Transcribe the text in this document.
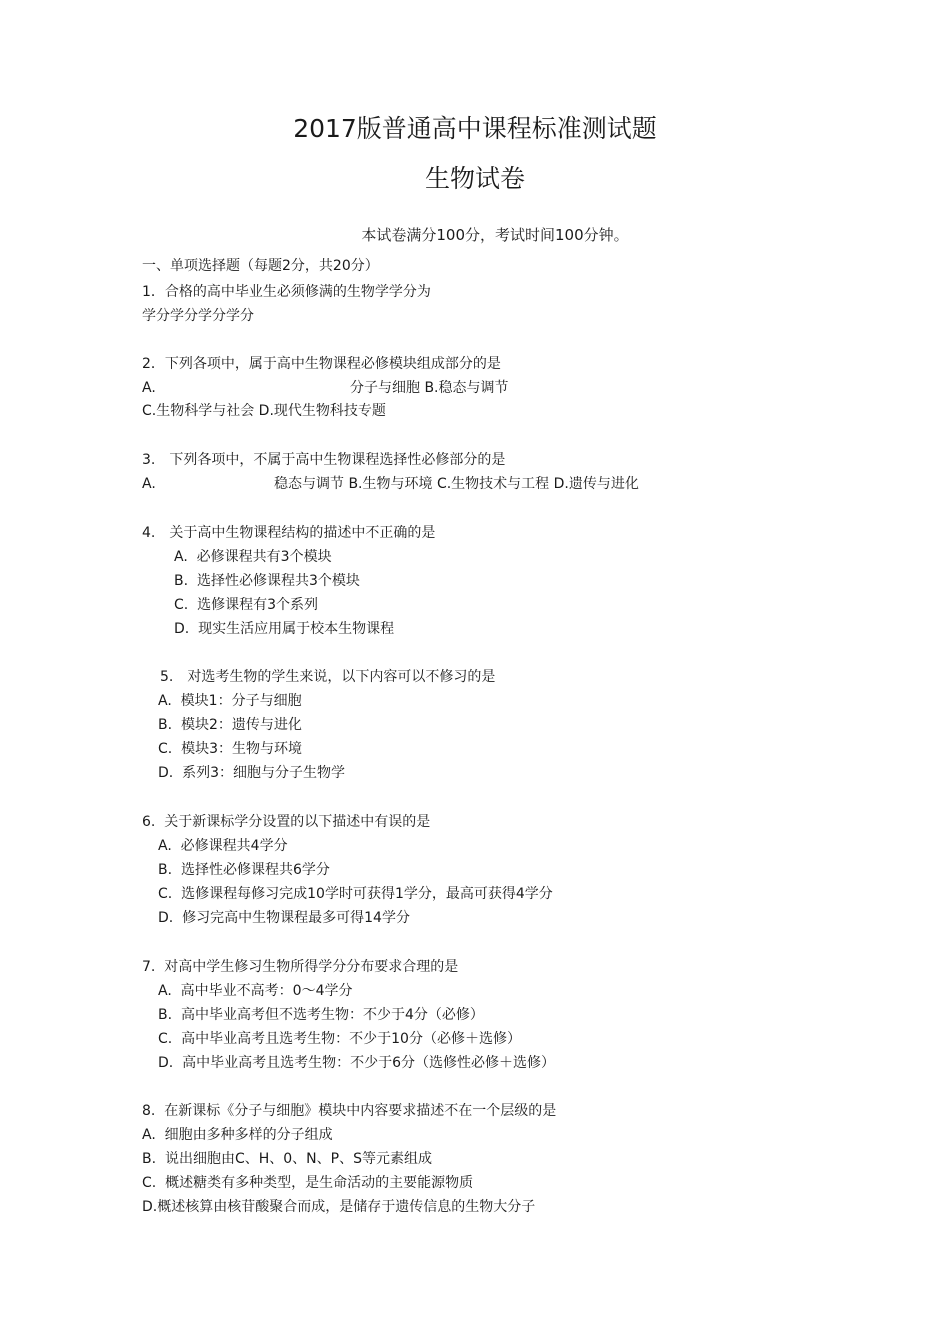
2017版普通高中课程标准测试题
生物试卷
本试卷满分100分，考试时间100分钟。
一、单项选择题（每题2分，共20分）
1．合格的高中毕业生必须修满的生物学学分为
学分学分学分学分
2．下列各项中，属于高中生物课程必修模块组成部分的是
A.	分子与细胞 B.稳态与调节
C.生物科学与社会 D.现代生物科技专题
3.　下列各项中，不属于高中生物课程选择性必修部分的是
A.	稳态与调节 B.生物与环境 C.生物技术与工程 D.遗传与进化
4.　关于高中生物课程结构的描述中不正确的是
A.  必修课程共有3个模块
B.  选择性必修课程共3个模块
C.  选修课程有3个系列
D.  现实生活应用属于校本生物课程
5.　对选考生物的学生来说，以下内容可以不修习的是
A.  模块1：分子与细胞
B.  模块2：遗传与进化
C.  模块3：生物与环境
D.  系列3：细胞与分子生物学
6.  关于新课标学分设置的以下描述中有误的是
A.  必修课程共4学分
B.  选择性必修课程共6学分
C.  选修课程每修习完成10学时可获得1学分，最高可获得4学分
D.  修习完高中生物课程最多可得14学分
7.  对高中学生修习生物所得学分分布要求合理的是
A.  高中毕业不高考：0〜4学分
B.  高中毕业高考但不选考生物：不少于4分（必修）
C.  高中毕业高考且选考生物：不少于10分（必修＋选修）
D.  高中毕业高考且选考生物：不少于6分（选修性必修＋选修）
8.  在新课标《分子与细胞》模块中内容要求描述不在一个层级的是
A.  细胞由多种多样的分子组成
B.  说出细胞由C、H、0、N、P、S等元素组成
C.  概述糖类有多种类型，是生命活动的主要能源物质
D.概述核算由核苷酸聚合而成，是储存于遗传信息的生物大分子
